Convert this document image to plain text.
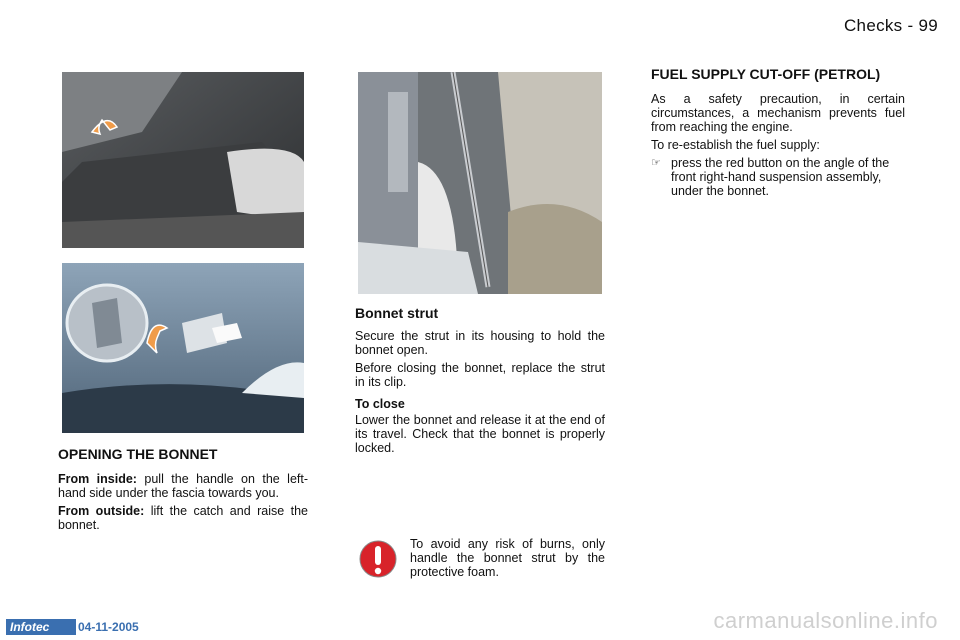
Checks - 99
OPENING THE BONNET

From inside: pull the handle on the left-hand side under the fascia towards you.

From outside: lift the catch and raise the bonnet.

Bonnet strut

Secure the strut in its housing to hold the bonnet open.

Before closing the bonnet, replace the strut in its clip.

To close

Lower the bonnet and release it at the end of its travel. Check that the bonnet is properly locked.

To avoid any risk of burns, only handle the bonnet strut by the protective foam.

FUEL SUPPLY CUT-OFF (PETROL)

As a safety precaution, in certain circumstances, a mechanism prevents fuel from reaching the engine.

To re-establish the fuel supply:

☞ press the red button on the angle of the front right-hand suspension assembly, under the bonnet.

Infotec	04-11-2005	carmanualsonline.info
